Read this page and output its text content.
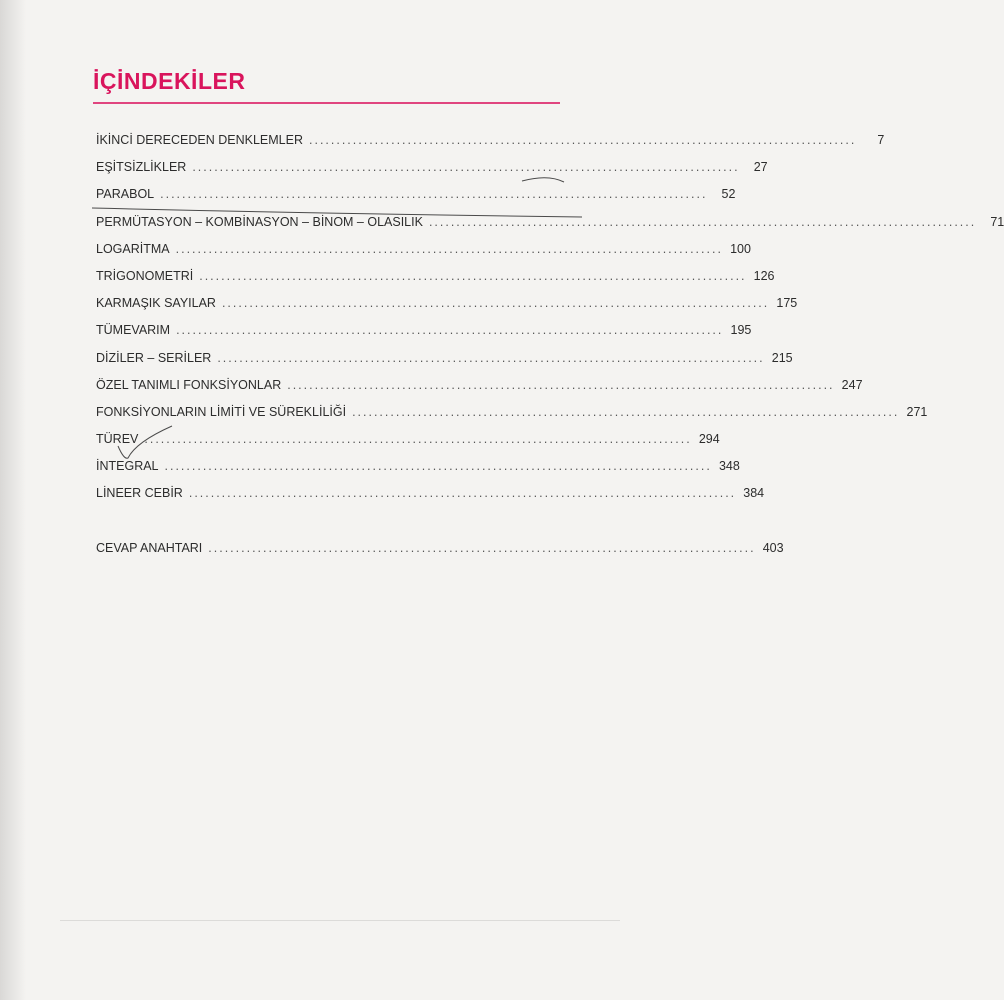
İÇİNDEKİLER
İKİNCİ DERECEDEN DENKLEMLER ....................................................................................................	7
EŞİTSİZLİKLER ....................................................................................................	27
PARABOL ....................................................................................................	52
PERMÜTASYON – KOMBİNASYON – BİNOM – OLASILIK ....................................................................................................	71
LOGARİTMA .................................................................................................... 100
TRİGONOMETRİ .................................................................................................... 126
KARMAŞIK SAYILAR .................................................................................................... 175
TÜMEVARIM .................................................................................................... 195
DİZİLER – SERİLER .................................................................................................... 215
ÖZEL TANIMLI FONKSİYONLAR .................................................................................................... 247
FONKSİYONLARIN LİMİTİ VE SÜREKLİLİĞİ .................................................................................................... 271
TÜREV .................................................................................................... 294
İNTEGRAL .................................................................................................... 348
LİNEER CEBİR .................................................................................................... 384
CEVAP ANAHTARI .................................................................................................... 403
